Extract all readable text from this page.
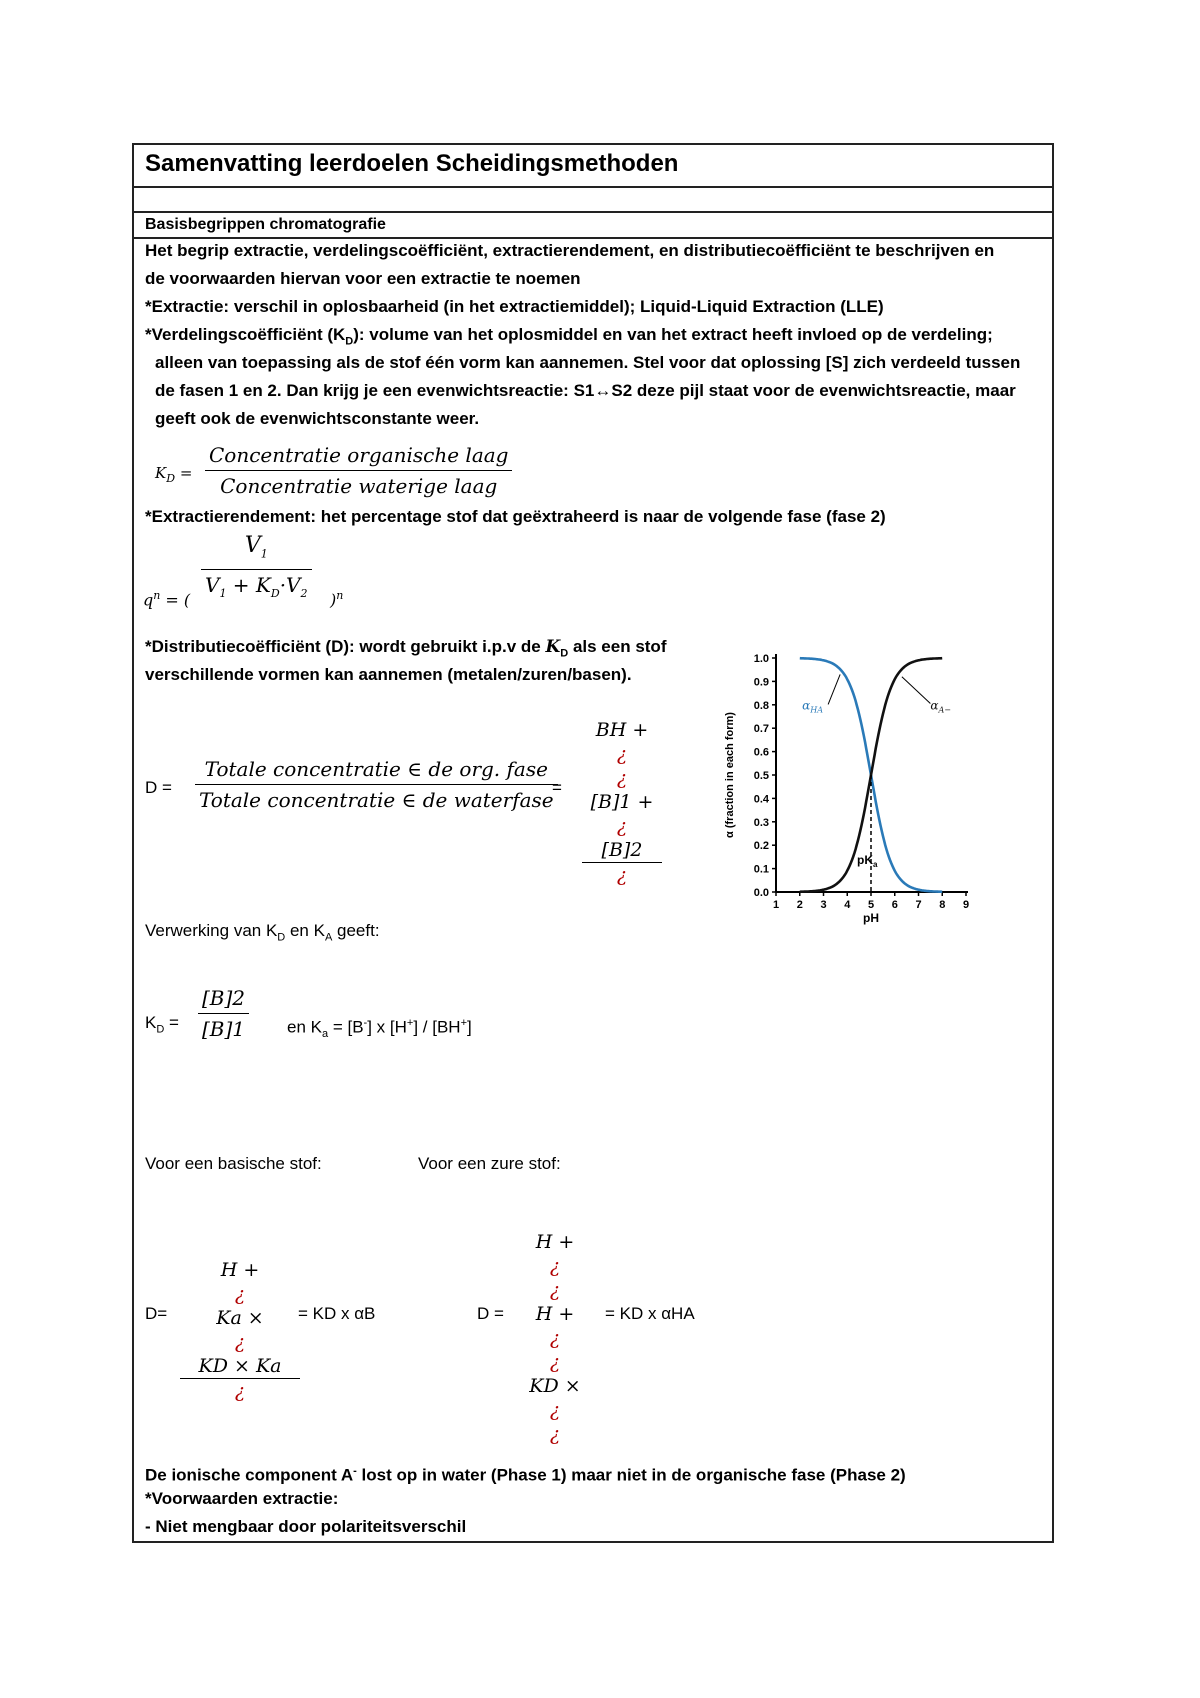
Samenvatting leerdoelen Scheidingsmethoden
Basisbegrippen chromatografie
Het begrip extractie, verdelingscoëfficiënt, extractierendement, en distributiecoëfficiënt te beschrijven en
de voorwaarden hiervan voor een extractie te noemen
*Extractie: verschil in oplosbaarheid (in het extractiemiddel); Liquid-Liquid Extraction (LLE)
*Verdelingscoëfficiënt $(K_D)$: volume van het oplosmiddel en van het extract heeft invloed op de verdeling;
alleen van toepassing als de stof één vorm kan aannemen. Stel voor dat oplossing [S] zich verdeeld tussen
de fasen 1 en 2. Dan krijg je een evenwichtsreactie: S1↔S2 deze pijl staat voor de evenwichtsreactie, maar
geeft ook de evenwichtsconstante weer.
$K_D$ =
Concentratie organische laag
Concentratie waterige laag
*Extractierendement: het percentage stof dat geëxtraheerd is naar de volgende fase (fase 2)
$q^n$ = ( $\frac{V_1}{V_1 + K_D\cdot V_2} )^n$
*Distributiecoëfficiënt (D): wordt gebruikt i.p.v de $K_D$ als een stof
verschillende vormen kan aannemen (metalen/zuren/basen).
D =
Totale concentratie ∈ de org. fase
Totale concentratie ∈ de waterfase
=
BH +
¿
¿
[B]1 +
¿
[B]2
¿
1 2 3 4 5 6 7 8 9
0.0
0.1
0.2
0.3
0.4
0.5
0.6
0.7
0.8
0.9
1.0
pH
α (fraction in each form)
$pK_a$
$\alpha_{HA}$	$\alpha_{A-}$
Verwerking van $K_D$ en $K_A$ geeft:
$K_D = \frac{[B]2}{[B]1}$ en $K_a = [B^-]$ x [H+] / [BH+]
Voor een basische stof:	Voor een zure stof:
D=
H +
¿
Ka ×
¿
KD × Ka
¿
= KD x αB	D =
H +
¿
¿
H +
¿
¿
KD ×
¿
¿
= KD x αHA
De ionische component A- lost op in water (Phase 1) maar niet in de organische fase (Phase 2)
*Voorwaarden extractie:
- Niet mengbaar door polariteitsverschil
